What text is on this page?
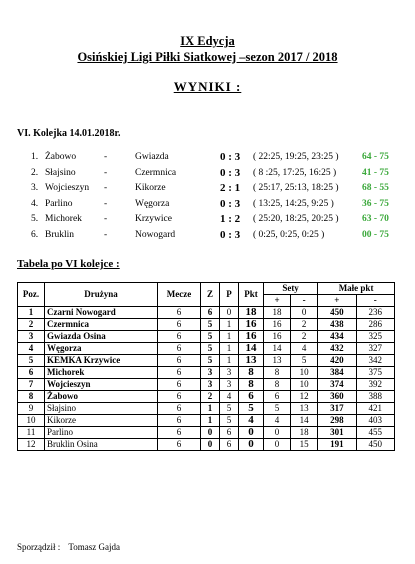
IX Edycja
Osińskiej Ligi Piłki Siatkowej –sezon 2017 / 2018
WYNIKI :
VI. Kolejka 14.01.2018r.
1. Żabowo	-	Gwiazda	0 : 3 ( 22:25, 19:25, 23:25 ) 64 - 75
2. Słajsino	-	Czermnica	0 : 3 ( 8 :25, 17:25, 16:25 )	41 - 75
3. Wojcieszyn -	Kikorze	2 : 1 ( 25:17, 25:13, 18:25 ) 68 - 55
4. Parlino	-	Węgorza	0 : 3 ( 13:25, 14:25, 9:25 )	36 - 75
5. Michorek -	Krzywice	1 : 2 ( 25:20, 18:25, 20:25 ) 63 - 70
6. Bruklin	-	Nowogard	0 : 3 ( 0:25, 0:25, 0:25 )	00 - 75
Tabela po VI kolejce :
Poz.	Drużyna	Mecze	Z	P	Pkt	Sety		Małe pkt	
						+	-	+	-
1	Czarni Nowogard	6	6	0	18	18	0	450	236
2	Czermnica	6	5	1	16	16	2	438	286
3	Gwiazda Osina	6	5	1	16	16	2	434	325
4	Węgorza	6	5	1	14	14	4	432	327
5	KEMKA Krzywice	6	5	1	13	13	5	420	342
6	Michorek	6	3	3	8	8	10	384	375
7	Wojcieszyn	6	3	3	8	8	10	374	392
8	Żabowo	6	2	4	6	6	12	360	388
9	Słajsino	6	1	5	5	5	13	317	421
10	Kikorze	6	1	5	4	4	14	298	403
11	Parlino	6	0	6	0	0	18	301	455
12	Bruklin Osina	6	0	6	0	0	15	191	450
Sporządził : Tomasz Gajda
